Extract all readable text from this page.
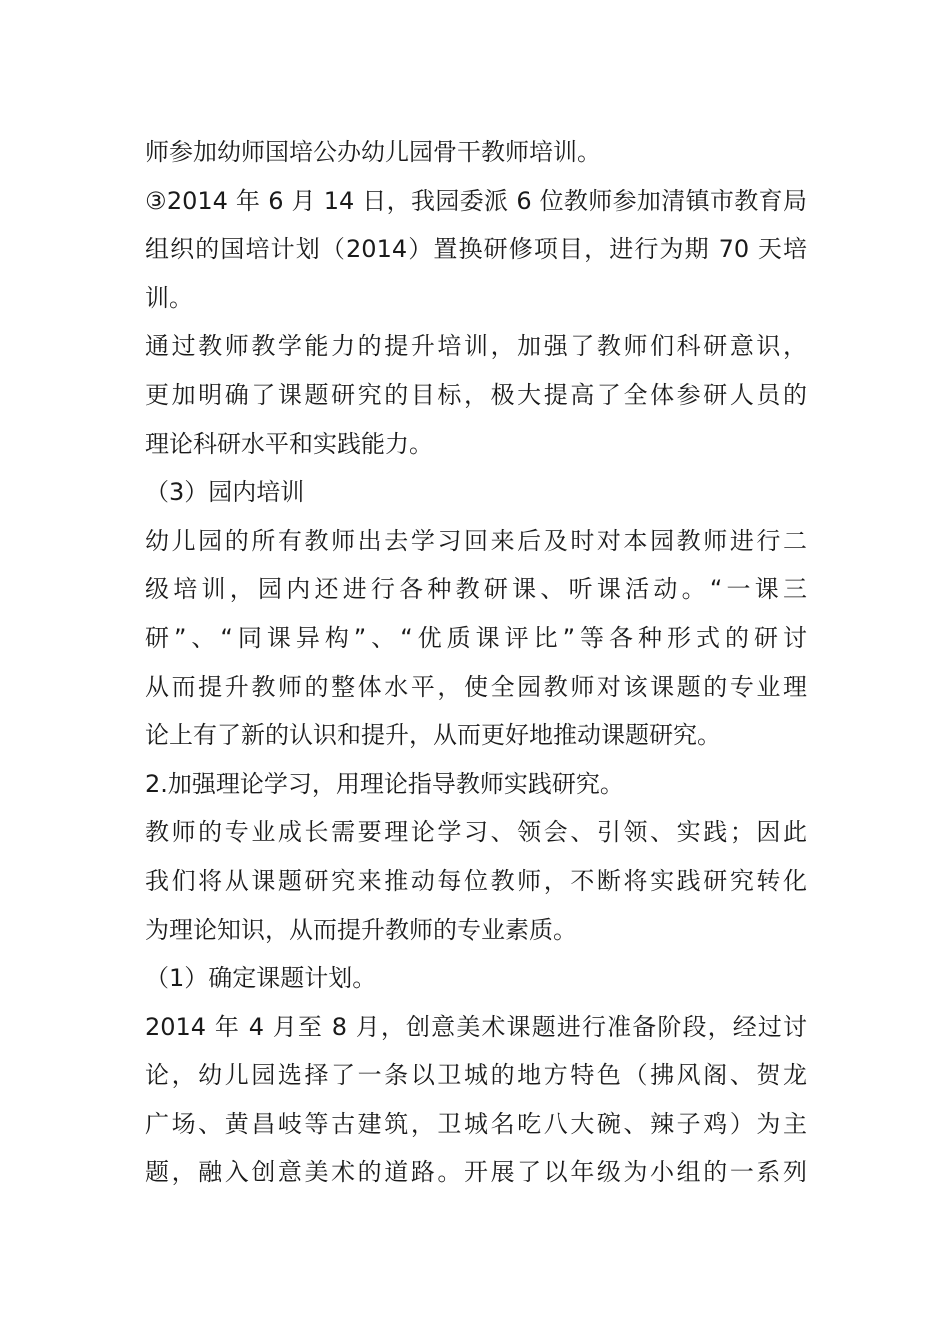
师参加幼师国培公办幼儿园骨干教师培训。
③2014 年 6 月 14 日，我园委派 6 位教师参加清镇市教育局
组织的国培计划（2014）置换研修项目，进行为期 70 天培
训。
通过教师教学能力的提升培训，加强了教师们科研意识，
更加明确了课题研究的目标，极大提高了全体参研人员的
理论科研水平和实践能力。
（3）园内培训
幼儿园的所有教师出去学习回来后及时对本园教师进行二
级培训，园内还进行各种教研课、听课活动。“一课三
研”、“同课异构”、“优质课评比”等各种形式的研讨
从而提升教师的整体水平，使全园教师对该课题的专业理
论上有了新的认识和提升，从而更好地推动课题研究。
2.加强理论学习，用理论指导教师实践研究。
教师的专业成长需要理论学习、领会、引领、实践；因此
我们将从课题研究来推动每位教师，不断将实践研究转化
为理论知识，从而提升教师的专业素质。
（1）确定课题计划。
2014 年 4 月至 8 月，创意美术课题进行准备阶段，经过讨
论，幼儿园选择了一条以卫城的地方特色（拂风阁、贺龙
广场、黄昌岐等古建筑，卫城名吃八大碗、辣子鸡）为主
题，融入创意美术的道路。开展了以年级为小组的一系列
